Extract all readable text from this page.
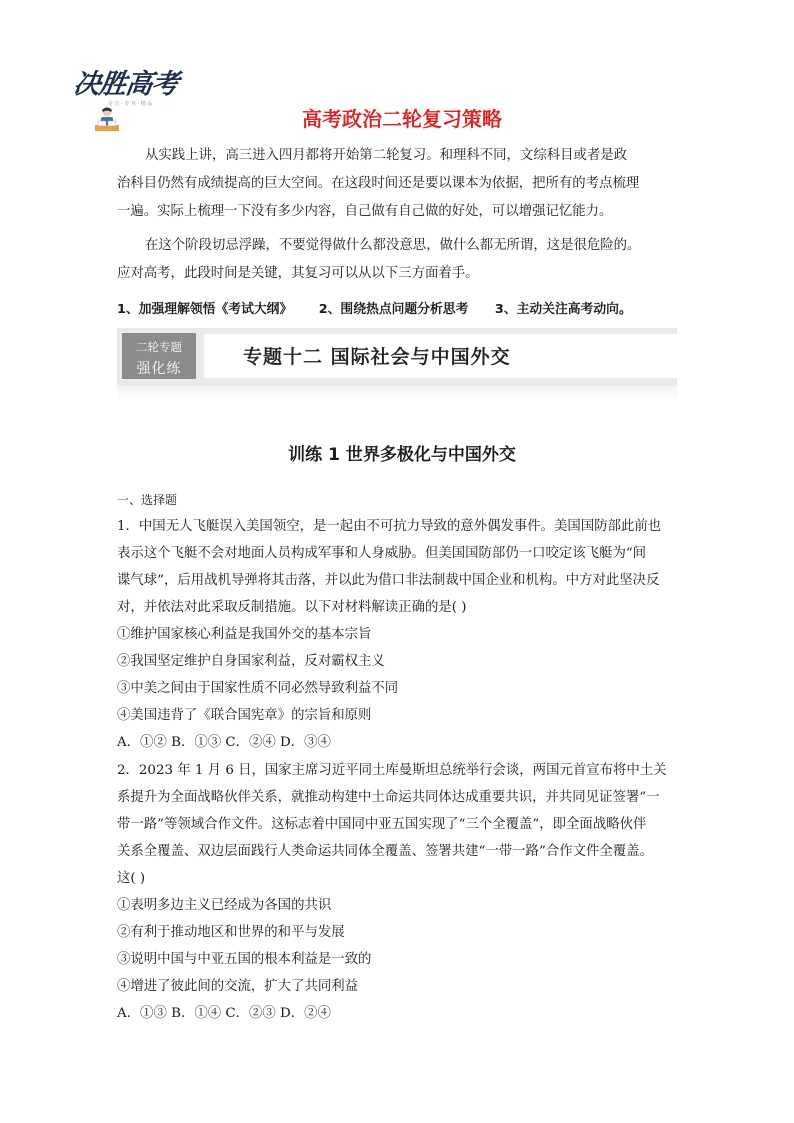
决胜高考
专 注 · 专 业 · 精 品
高考政治二轮复习策略
从实践上讲，高三进入四月都将开始第二轮复习。和理科不同，文综科目或者是政
治科目仍然有成绩提高的巨大空间。在这段时间还是要以课本为依据，把所有的考点梳理
一遍。实际上梳理一下没有多少内容，自己做有自己做的好处，可以增强记忆能力。
在这个阶段切忌浮躁，不要觉得做什么都没意思，做什么都无所谓，这是很危险的。
应对高考，此段时间是关键，其复习可以从以下三方面着手。
1、加强理解领悟《考试大纲》 2、围绕热点问题分析思考 3、主动关注高考动向。
二轮专题
强化练
专题十二 国际社会与中国外交
训练 1 世界多极化与中国外交
一、选择题
1．中国无人飞艇误入美国领空，是一起由不可抗力导致的意外偶发事件。美国国防部此前也
表示这个飞艇不会对地面人员构成军事和人身威胁。但美国国防部仍一口咬定该飞艇为“间
谍气球”，后用战机导弹将其击落，并以此为借口非法制裁中国企业和机构。中方对此坚决反
对，并依法对此采取反制措施。以下对材料解读正确的是( )
①维护国家核心利益是我国外交的基本宗旨
②我国坚定维护自身国家利益，反对霸权主义
③中美之间由于国家性质不同必然导致利益不同
④美国违背了《联合国宪章》的宗旨和原则
A．①② B．①③ C．②④ D．③④
2．2023 年 1 月 6 日，国家主席习近平同土库曼斯坦总统举行会谈，两国元首宣布将中土关
系提升为全面战略伙伴关系，就推动构建中土命运共同体达成重要共识，并共同见证签署“一
带一路”等领域合作文件。这标志着中国同中亚五国实现了“三个全覆盖”，即全面战略伙伴
关系全覆盖、双边层面践行人类命运共同体全覆盖、签署共建“一带一路”合作文件全覆盖。
这( )
①表明多边主义已经成为各国的共识
②有利于推动地区和世界的和平与发展
③说明中国与中亚五国的根本利益是一致的
④增进了彼此间的交流，扩大了共同利益
A．①③ B．①④ C．②③ D．②④
